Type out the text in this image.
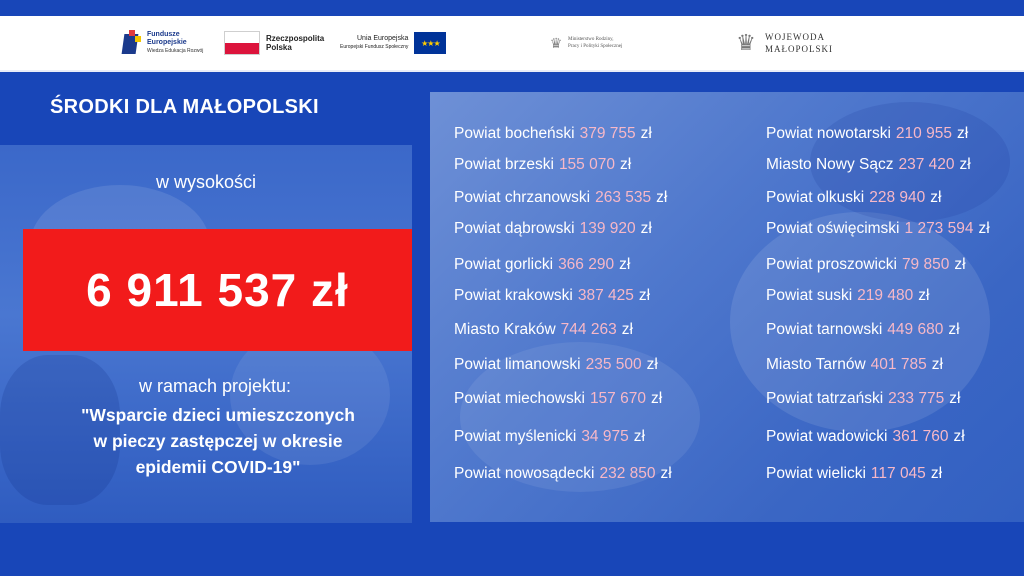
Fundusze
Europejskie
Wiedza Edukacja Rozwój
Rzeczpospolita
Polska
Unia Europejska
Europejski Fundusz Społeczny	★★★	♛	Ministerstwo Rodziny,
Pracy i Polityki Społecznej	♛	WOJEWODA
MAŁOPOLSKI
ŚRODKI DLA MAŁOPOLSKI
w wysokości
6 911 537 zł
w ramach projektu:
"Wsparcie dzieci umieszczonych
w pieczy zastępczej w okresie
epidemii COVID-19"
Powiat bocheński 379 755 zł
Powiat brzeski 155 070 zł
Powiat chrzanowski 263 535 zł
Powiat dąbrowski 139 920 zł
Powiat gorlicki 366 290 zł
Powiat krakowski 387 425 zł
Miasto Kraków 744 263 zł
Powiat limanowski 235 500 zł
Powiat miechowski 157 670 zł
Powiat myślenicki 34 975 zł
Powiat nowosądecki 232 850 zł
Powiat nowotarski 210 955 zł
Miasto Nowy Sącz 237 420 zł
Powiat olkuski 228 940 zł
Powiat oświęcimski 1 273 594 zł
Powiat proszowicki 79 850 zł
Powiat suski 219 480 zł
Powiat tarnowski 449 680 zł
Miasto Tarnów 401 785 zł
Powiat tatrzański 233 775 zł
Powiat wadowicki 361 760 zł
Powiat wielicki 117 045 zł
